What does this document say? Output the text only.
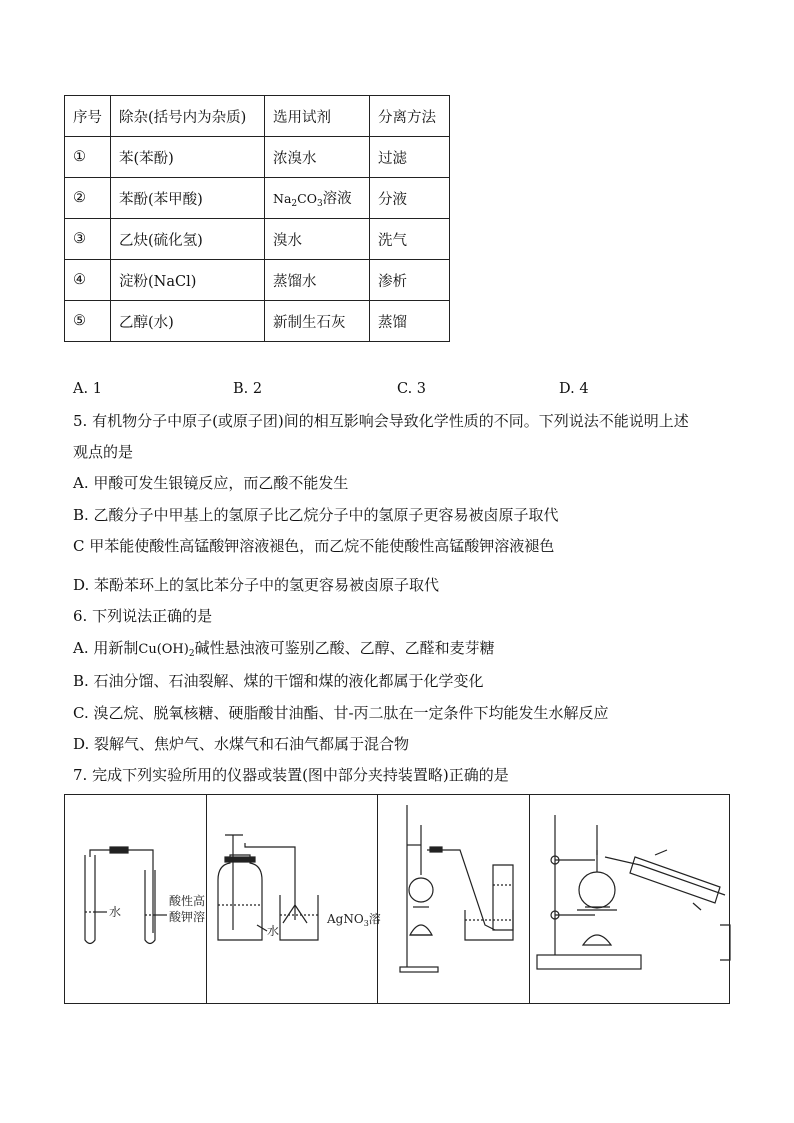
序号	除杂(括号内为杂质)	选用试剂	分离方法
①	苯(苯酚)	浓溴水	过滤
②	苯酚(苯甲酸)	$Na_2CO_3$溶液	分液
③	乙炔(硫化氢)	溴水	洗气
④	淀粉(NaCl)	蒸馏水	渗析
⑤	乙醇(水)	新制生石灰	蒸馏
A. 1	B. 2	C. 3	D. 4
5. 有机物分子中原子(或原子团)间的相互影响会导致化学性质的不同。下列说法不能说明上述
观点的是
A. 甲酸可发生银镜反应，而乙酸不能发生
B. 乙酸分子中甲基上的氢原子比乙烷分子中的氢原子更容易被卤原子取代
C 甲苯能使酸性高锰酸钾溶液褪色，而乙烷不能使酸性高锰酸钾溶液褪色
D. 苯酚苯环上的氢比苯分子中的氢更容易被卤原子取代
6. 下列说法正确的是
A. 用新制$Cu(OH)_2$碱性悬浊液可鉴别乙酸、乙醇、乙醛和麦芽糖
B. 石油分馏、石油裂解、煤的干馏和煤的液化都属于化学变化
C. 溴乙烷、脱氧核糖、硬脂酸甘油酯、甘-丙二肽在一定条件下均能发生水解反应
D. 裂解气、焦炉气、水煤气和石油气都属于混合物
7. 完成下列实验所用的仪器或装置(图中部分夹持装置略)正确的是
水
酸性高
酸钾溶
水
AgNO$_3$溶
